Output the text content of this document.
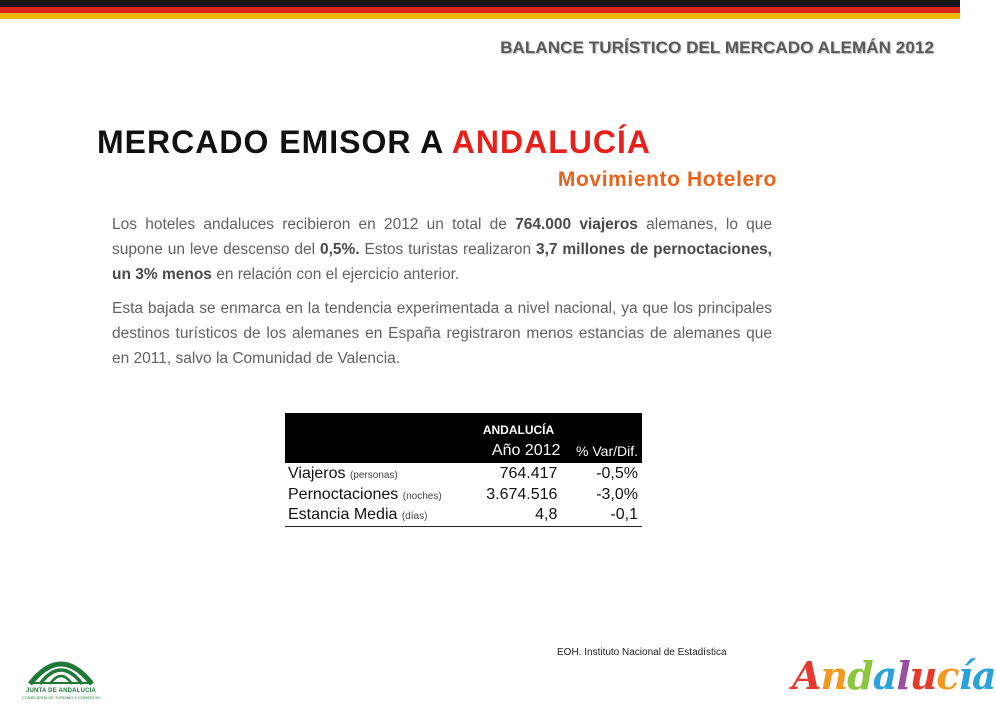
BALANCE TURÍSTICO DEL MERCADO ALEMÁN 2012
MERCADO EMISOR A ANDALUCÍA
Movimiento Hotelero

Los hoteles andaluces recibieron en 2012 un total de 764.000 viajeros alemanes, lo que supone un leve descenso del 0,5%. Estos turistas realizaron 3,7 millones de pernoctaciones, un 3% menos en relación con el ejercicio anterior.

Esta bajada se enmarca en la tendencia experimentada a nivel nacional, ya que los principales destinos turísticos de los alemanes en España registraron menos estancias de alemanes que en 2011, salvo la Comunidad de Valencia.

ANDALUCÍA		
	Año 2012	% Var/Dif.
Viajeros (personas)	764.417	-0,5%
Pernoctaciones (noches)	3.674.516	-3,0%
Estancia Media (días)	4,8	-0,1
EOH. Instituto Nacional de Estadística
JUNTA DE ANDALUCIA
CONSEJERÍA DE TURISMO Y COMERCIO	Andalucía
